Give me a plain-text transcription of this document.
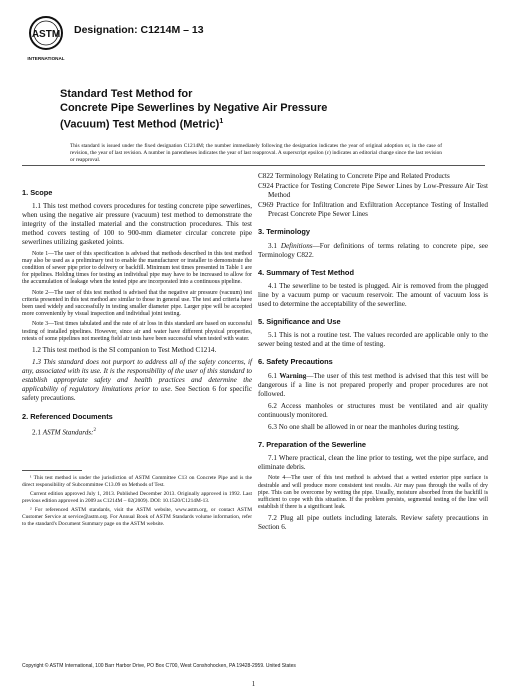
ASTM
INTERNATIONAL
Designation: C1214M – 13
Standard Test Method for
Concrete Pipe Sewerlines by Negative Air Pressure
(Vacuum) Test Method (Metric)$^1$
This standard is issued under the fixed designation C1214M; the number immediately following the designation indicates the year of original adoption or, in the case of revision, the year of last revision. A number in parentheses indicates the year of last reapproval. A superscript epsilon (ε) indicates an editorial change since the last revision or reapproval.
1. Scope

1.1 This test method covers procedures for testing concrete pipe sewerlines, when using the negative air pressure (vacuum) test method to demonstrate the integrity of the installed material and the construction procedures. This test method covers testing of 100 to 900-mm diameter circular concrete pipe sewerlines utilizing gasketed joints.

Note 1—The user of this specification is advised that methods described in this test method may also be used as a preliminary test to enable the manufacturer or installer to demonstrate the condition of sewer pipe prior to delivery or backfill. Minimum test times presented in Table 1 are for pipelines. Holding times for testing an individual pipe may have to be increased to allow for the accumulation of leakage when the tested pipe are incorporated into a continuous pipeline.
Note 2—The user of this test method is advised that the negative air pressure (vacuum) test criteria presented in this test method are similar to those in general use. The test and criteria have been used widely and successfully in testing smaller diameter pipe. Larger pipe will be accepted more conveniently by visual inspection and individual joint testing.
Note 3—Test times tabulated and the rate of air loss in this standard are based on successful testing of installed pipelines. However, since air and water have different physical properties, retests of some pipelines not meeting field air tests have been successful when tested with water.

1.2 This test method is the SI companion to Test Method C1214.

1.3 This standard does not purport to address all of the safety concerns, if any, associated with its use. It is the responsibility of the user of this standard to establish appropriate safety and health practices and determine the applicability of regulatory limitations prior to use. See Section 6 for specific safety precautions.

2. Referenced Documents

2.1 ASTM Standards:$^2$

¹ This test method is under the jurisdiction of ASTM Committee C13 on Concrete Pipe and is the direct responsibility of Subcommittee C13.09 on Methods of Test.
Current edition approved July 1, 2013. Published December 2013. Originally approved in 1992. Last previous edition approved in 2009 as C1214M – 02(2009). DOI: 10.1520/C1214M-13.
² For referenced ASTM standards, visit the ASTM website, www.astm.org, or contact ASTM Customer Service at service@astm.org. For Annual Book of ASTM Standards volume information, refer to the standard's Document Summary page on the ASTM website.
C822 Terminology Relating to Concrete Pipe and Related Products
C924 Practice for Testing Concrete Pipe Sewer Lines by Low-Pressure Air Test Method
C969 Practice for Infiltration and Exfiltration Acceptance Testing of Installed Precast Concrete Pipe Sewer Lines
3. Terminology

3.1 Definitions—For definitions of terms relating to concrete pipe, see Terminology C822.

4. Summary of Test Method

4.1 The sewerline to be tested is plugged. Air is removed from the plugged line by a vacuum pump or vacuum reservoir. The amount of vacuum loss is used to determine the acceptability of the sewerline.

5. Significance and Use

5.1 This is not a routine test. The values recorded are applicable only to the sewer being tested and at the time of testing.

6. Safety Precautions

6.1 Warning—The user of this test method is advised that this test will be dangerous if a line is not prepared properly and proper procedures are not followed.

6.2 Access manholes or structures must be ventilated and air quality continuously monitored.

6.3 No one shall be allowed in or near the manholes during testing.

7. Preparation of the Sewerline

7.1 Where practical, clean the line prior to testing, wet the pipe surface, and eliminate debris.

Note 4—The user of this test method is advised that a wetted exterior pipe surface is desirable and will produce more consistent test results. Air may pass through the walls of dry pipe. This can be overcome by wetting the pipe. Usually, moisture absorbed from the backfill is sufficient to cope with this situation. If the problem persists, segmental testing of the line will establish if there is a significant leak.

7.2 Plug all pipe outlets including laterals. Review safety precautions in Section 6.

Copyright © ASTM International, 100 Barr Harbor Drive, PO Box C700, West Conshohocken, PA 19428-2959. United States
1
